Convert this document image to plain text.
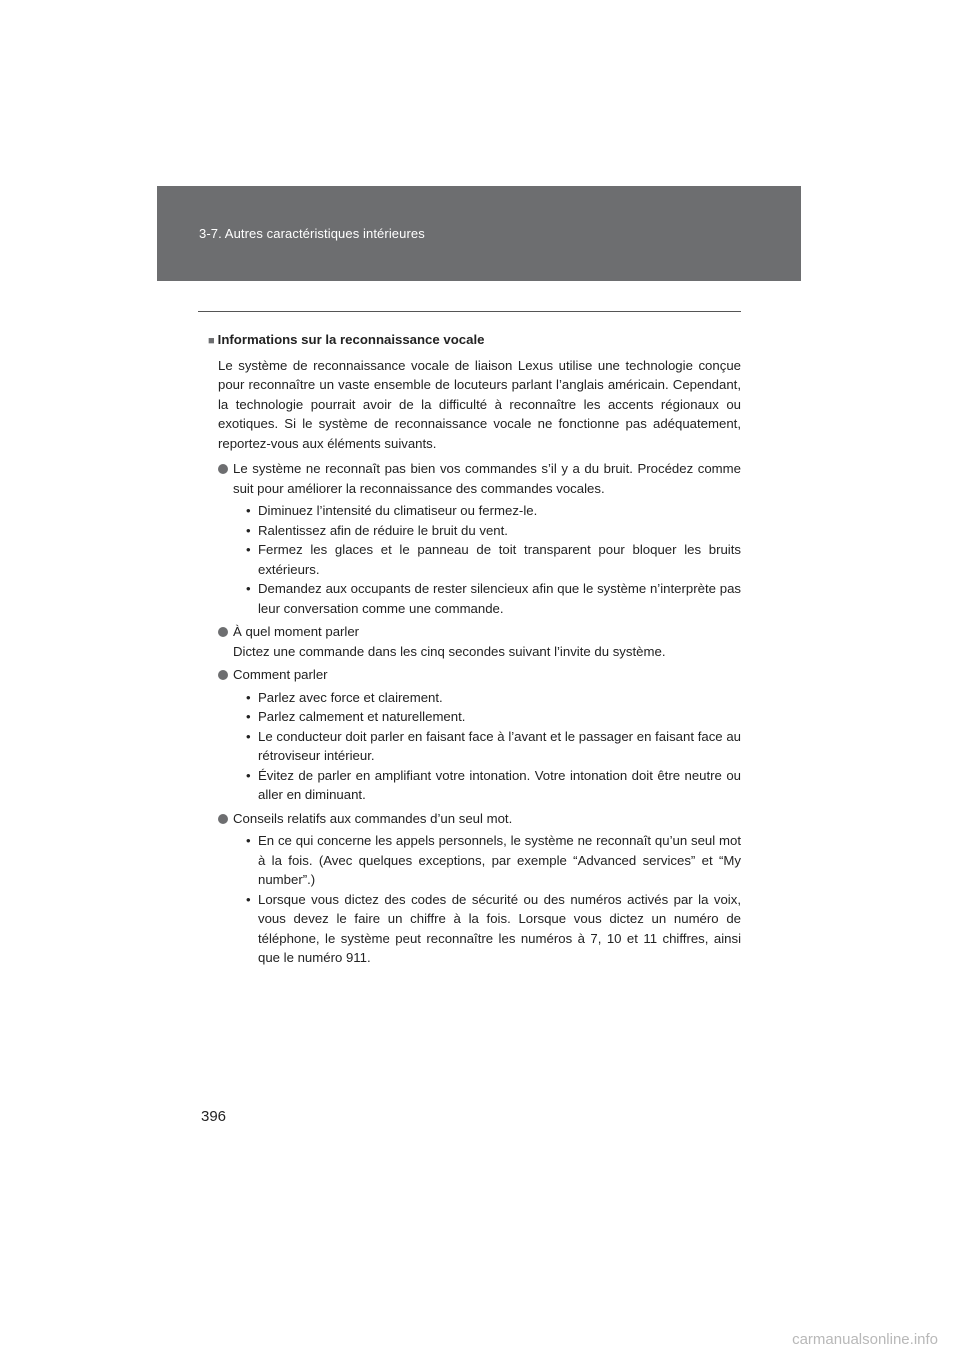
3-7. Autres caractéristiques intérieures
■ Informations sur la reconnaissance vocale

Le système de reconnaissance vocale de liaison Lexus utilise une technologie conçue pour reconnaître un vaste ensemble de locuteurs parlant l’anglais américain. Cependant, la technologie pourrait avoir de la difficulté à reconnaître les accents régionaux ou exotiques. Si le système de reconnaissance vocale ne fonctionne pas adéquatement, reportez-vous aux éléments suivants.

Le système ne reconnaît pas bien vos commandes s’il y a du bruit. Procédez comme suit pour améliorer la reconnaissance des commandes vocales.
• Diminuez l’intensité du climatiseur ou fermez-le.
• Ralentissez afin de réduire le bruit du vent.
• Fermez les glaces et le panneau de toit transparent pour bloquer les bruits extérieurs.
• Demandez aux occupants de rester silencieux afin que le système n’interprète pas leur conversation comme une commande.
À quel moment parler
Dictez une commande dans les cinq secondes suivant l’invite du système.
Comment parler
• Parlez avec force et clairement.
• Parlez calmement et naturellement.
• Le conducteur doit parler en faisant face à l’avant et le passager en faisant face au rétroviseur intérieur.
• Évitez de parler en amplifiant votre intonation. Votre intonation doit être neutre ou aller en diminuant.
Conseils relatifs aux commandes d’un seul mot.
• En ce qui concerne les appels personnels, le système ne reconnaît qu’un seul mot à la fois. (Avec quelques exceptions, par exemple “Advanced services” et “My number”.)
• Lorsque vous dictez des codes de sécurité ou des numéros activés par la voix, vous devez le faire un chiffre à la fois. Lorsque vous dictez un numéro de téléphone, le système peut reconnaître les numéros à 7, 10 et 11 chiffres, ainsi que le numéro 911.
396
carmanualsonline.info
